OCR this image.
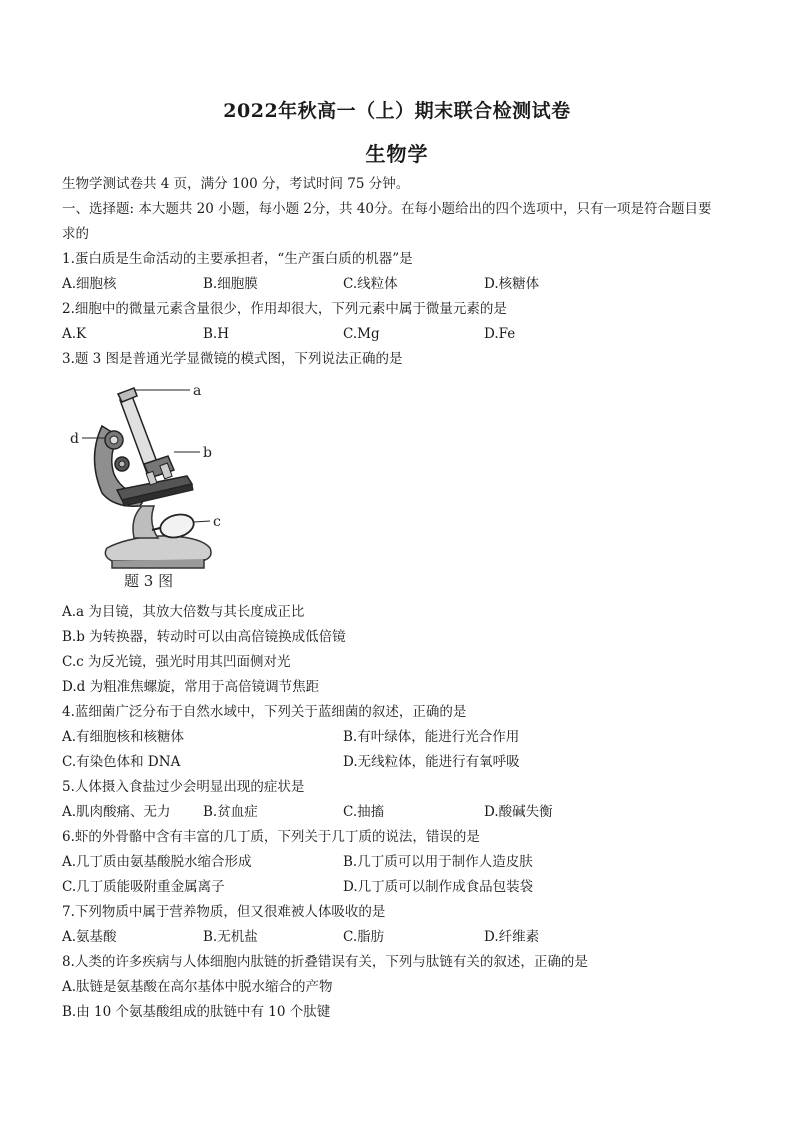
2022年秋高一（上）期末联合检测试卷
生物学
生物学测试卷共 4 页，满分 100 分，考试时间 75 分钟。
一、选择题: 本大题共 20 小题，每小题 2分，共 40分。在每小题给出的四个选项中，只有一项是符合题目要
求的
1.蛋白质是生命活动的主要承担者，“生产蛋白质的机器”是
A.细胞核	B.细胞膜	C.线粒体	D.核糖体
2.细胞中的微量元素含量很少，作用却很大，下列元素中属于微量元素的是
A.K	B.H	C.Mg	D.Fe
3.题 3 图是普通光学显微镜的模式图，下列说法正确的是
a
d
b
c
题 3 图
A.a 为目镜，其放大倍数与其长度成正比
B.b 为转换器，转动时可以由高倍镜换成低倍镜
C.c 为反光镜，强光时用其凹面侧对光
D.d 为粗准焦螺旋，常用于高倍镜调节焦距
4.蓝细菌广泛分布于自然水域中，下列关于蓝细菌的叙述，正确的是
A.有细胞核和核糖体	B.有叶绿体，能进行光合作用
C.有染色体和 DNA	D.无线粒体，能进行有氧呼吸
5.人体摄入食盐过少会明显出现的症状是
A.肌肉酸痛、无力 B.贫血症	C.抽搐	D.酸碱失衡
6.虾的外骨骼中含有丰富的几丁质，下列关于几丁质的说法，错误的是
A.几丁质由氨基酸脱水缩合形成	B.几丁质可以用于制作人造皮肤
C.几丁质能吸附重金属离子	D.几丁质可以制作成食品包装袋
7.下列物质中属于营养物质，但又很难被人体吸收的是
A.氨基酸	B.无机盐	C.脂肪	D.纤维素
8.人类的许多疾病与人体细胞内肽链的折叠错误有关，下列与肽链有关的叙述，正确的是
A.肽链是氨基酸在高尔基体中脱水缩合的产物
B.由 10 个氨基酸组成的肽链中有 10 个肽键
